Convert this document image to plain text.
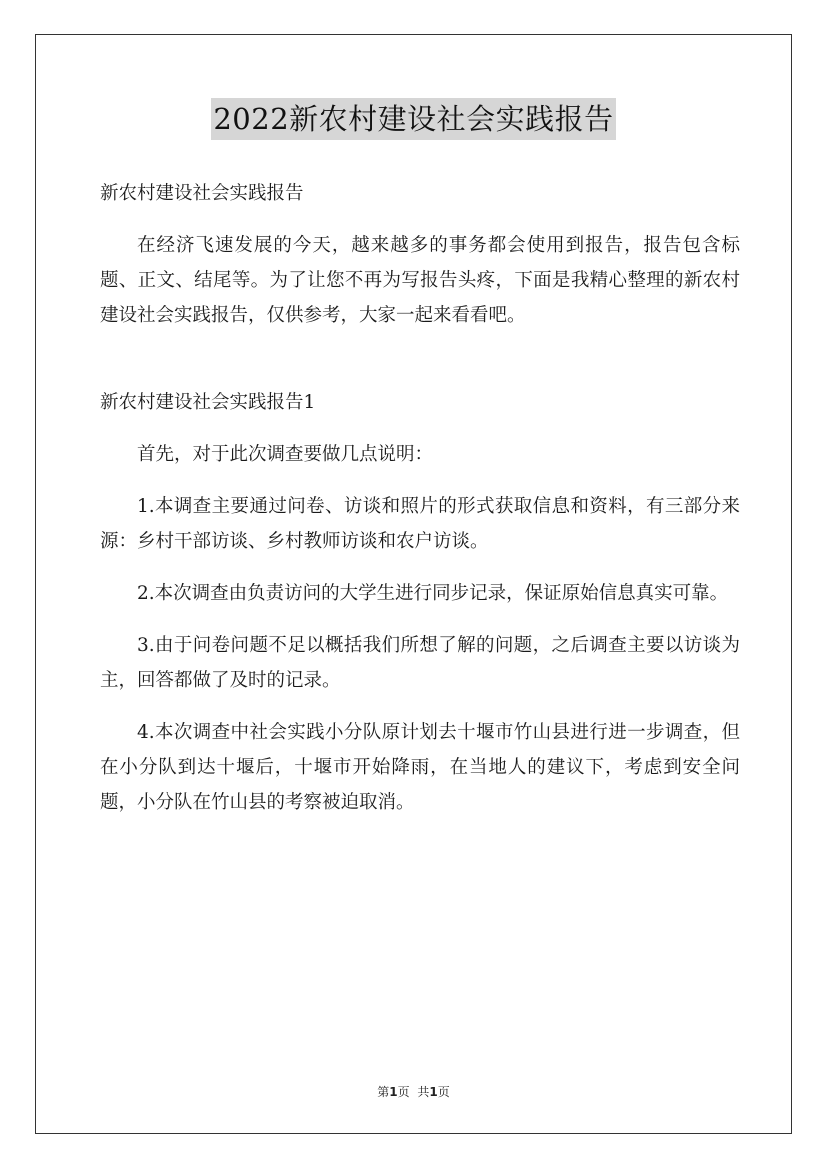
2022新农村建设社会实践报告

新农村建设社会实践报告

在经济飞速发展的今天，越来越多的事务都会使用到报告，报告包含标题、正文、结尾等。为了让您不再为写报告头疼，下面是我精心整理的新农村建设社会实践报告，仅供参考，大家一起来看看吧。

新农村建设社会实践报告1

首先，对于此次调查要做几点说明：

1.本调查主要通过问卷、访谈和照片的形式获取信息和资料，有三部分来源：乡村干部访谈、乡村教师访谈和农户访谈。

2.本次调查由负责访问的大学生进行同步记录，保证原始信息真实可靠。

3.由于问卷问题不足以概括我们所想了解的问题，之后调查主要以访谈为主，回答都做了及时的记录。

4.本次调查中社会实践小分队原计划去十堰市竹山县进行进一步调查，但在小分队到达十堰后，十堰市开始降雨，在当地人的建议下，考虑到安全问题，小分队在竹山县的考察被迫取消。

第1页 共1页
